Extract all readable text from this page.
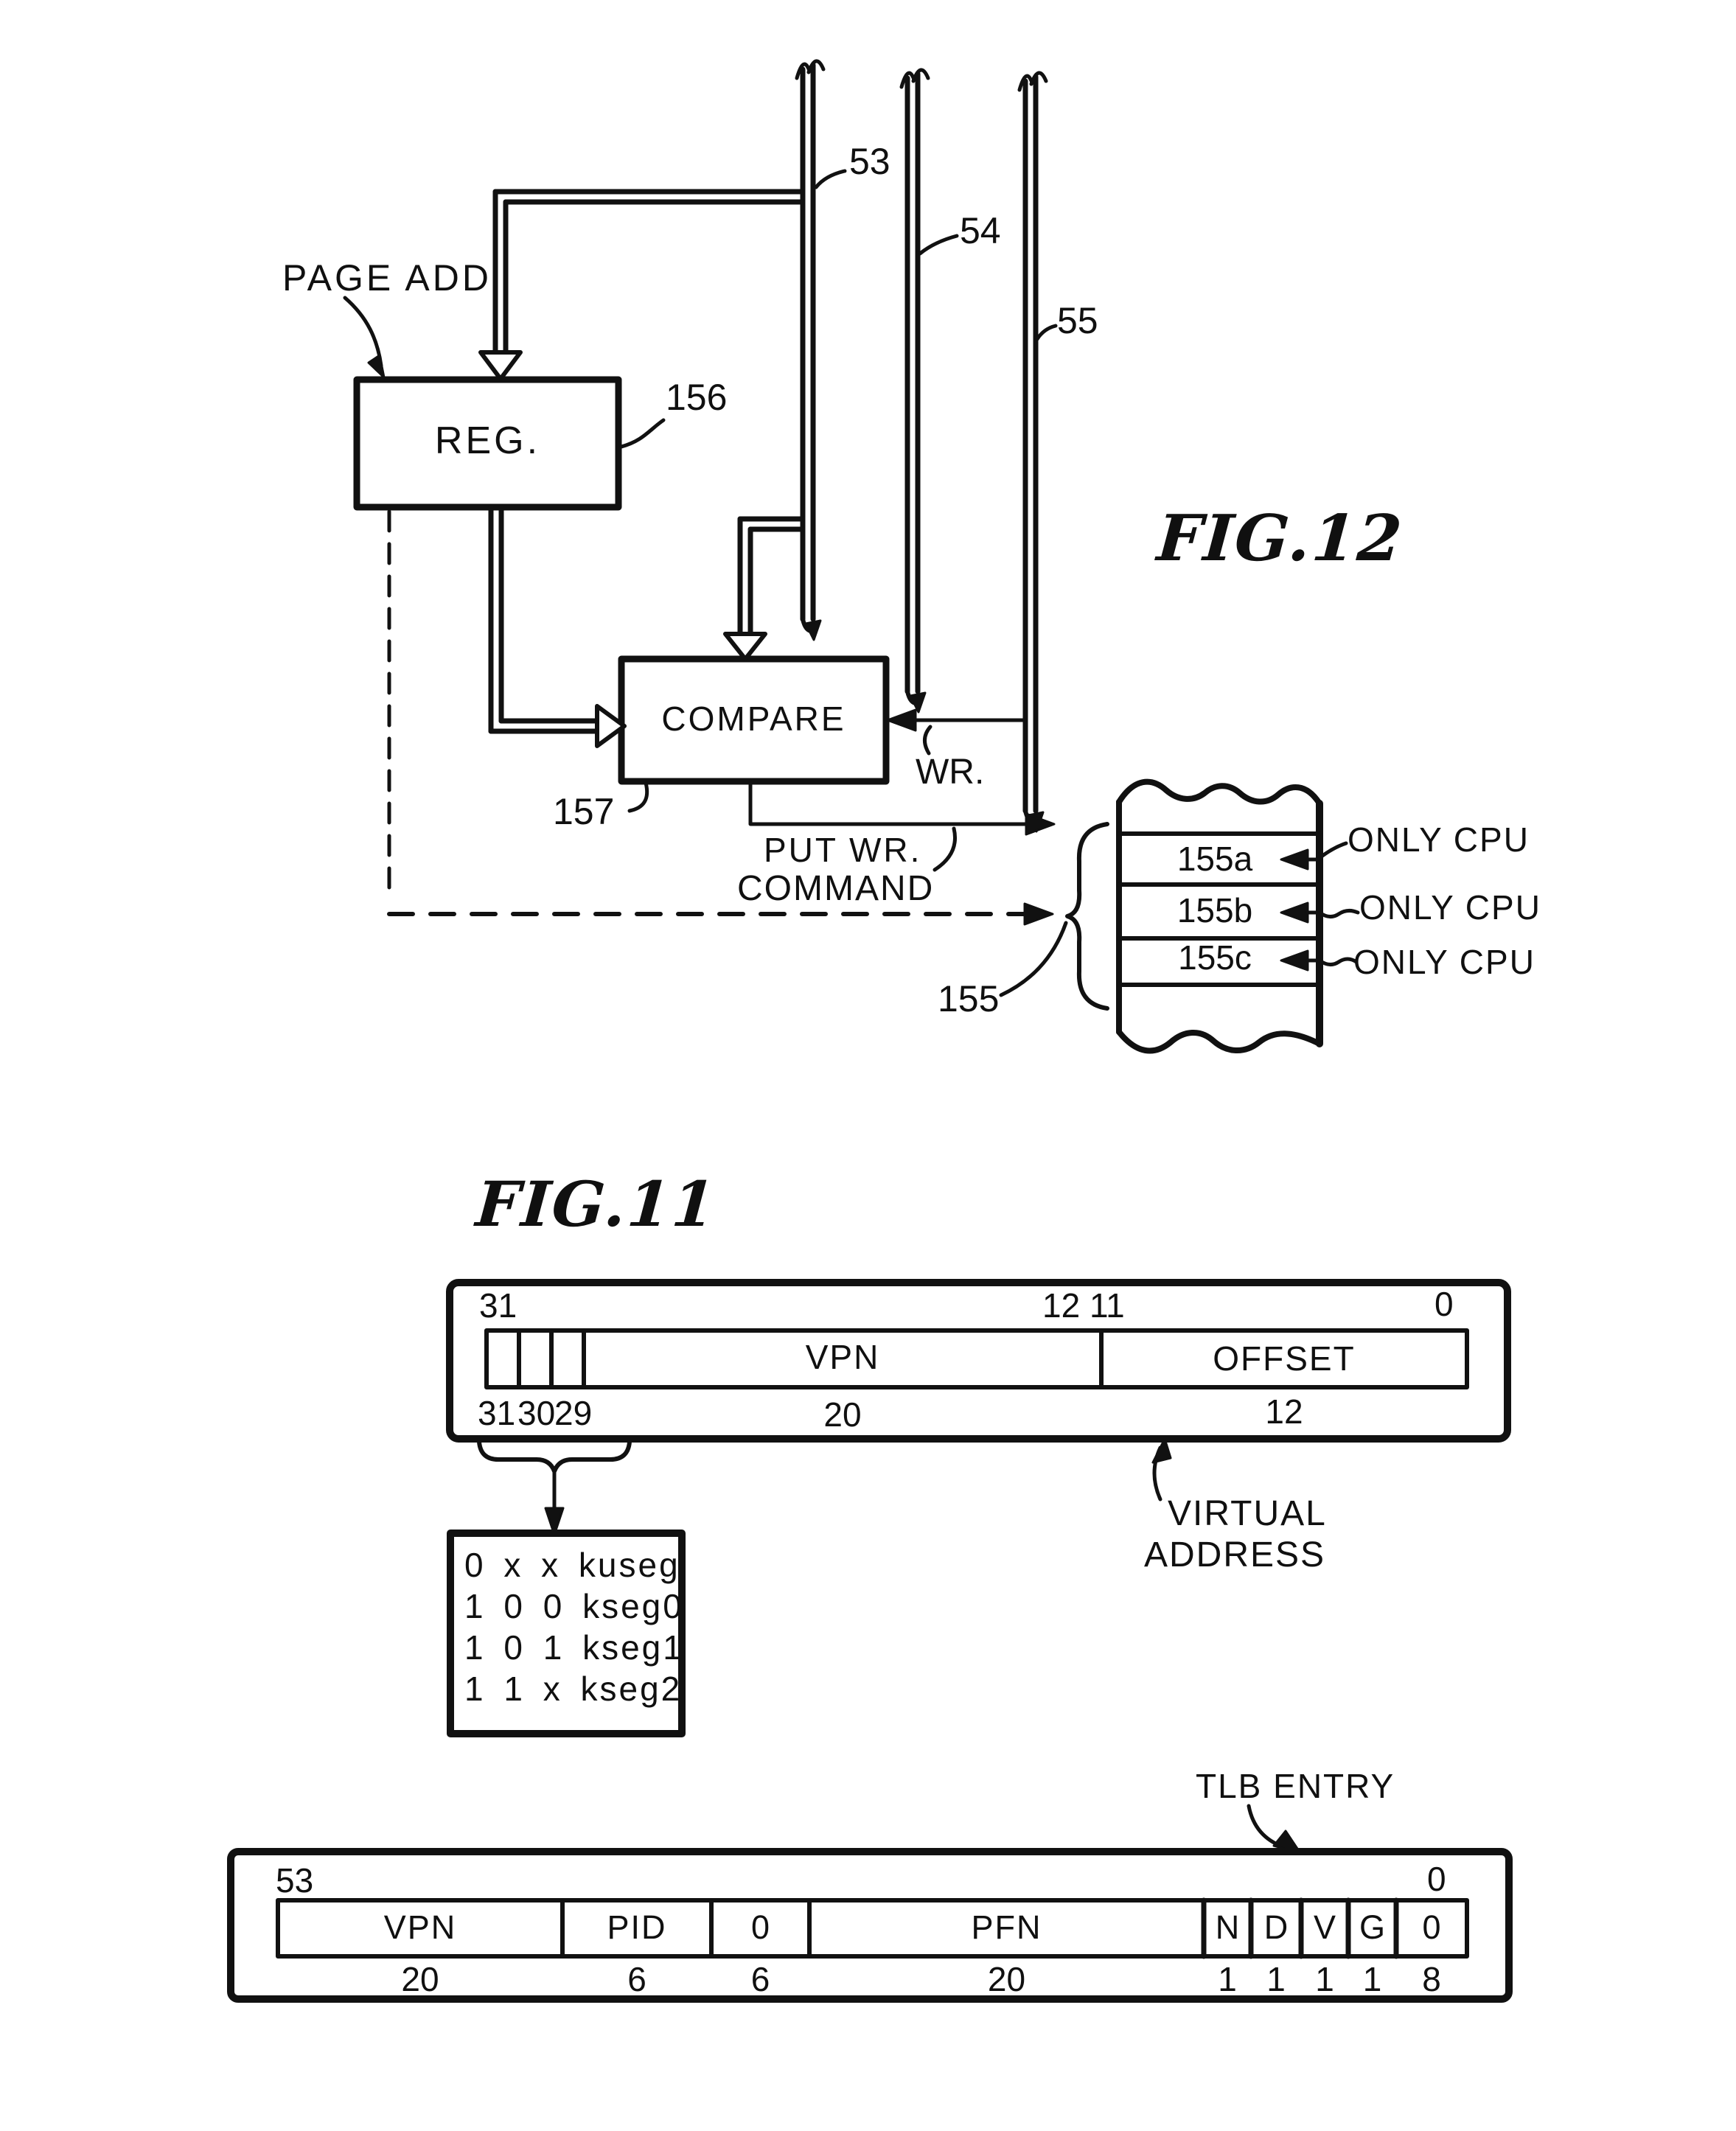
PAGE ADD
REG.
156
53
54
55
FIG.12
COMPARE
WR.
157
PUT WR.
COMMAND
155a
155b
155c
ONLY CPU
ONLY CPU
ONLY CPU
155
FIG.11
31	12 11	0
VPN	OFFSET
31 30
29	20	12
0 x x kuseg
1 0 0 kseg0
1 0 1 kseg1
1 1 x kseg2
VIRTUAL
ADDRESS
TLB ENTRY
53	0
VPN	PID	0	PFN	N D V G	0
20	6	6	20	1 1 1 1	8
